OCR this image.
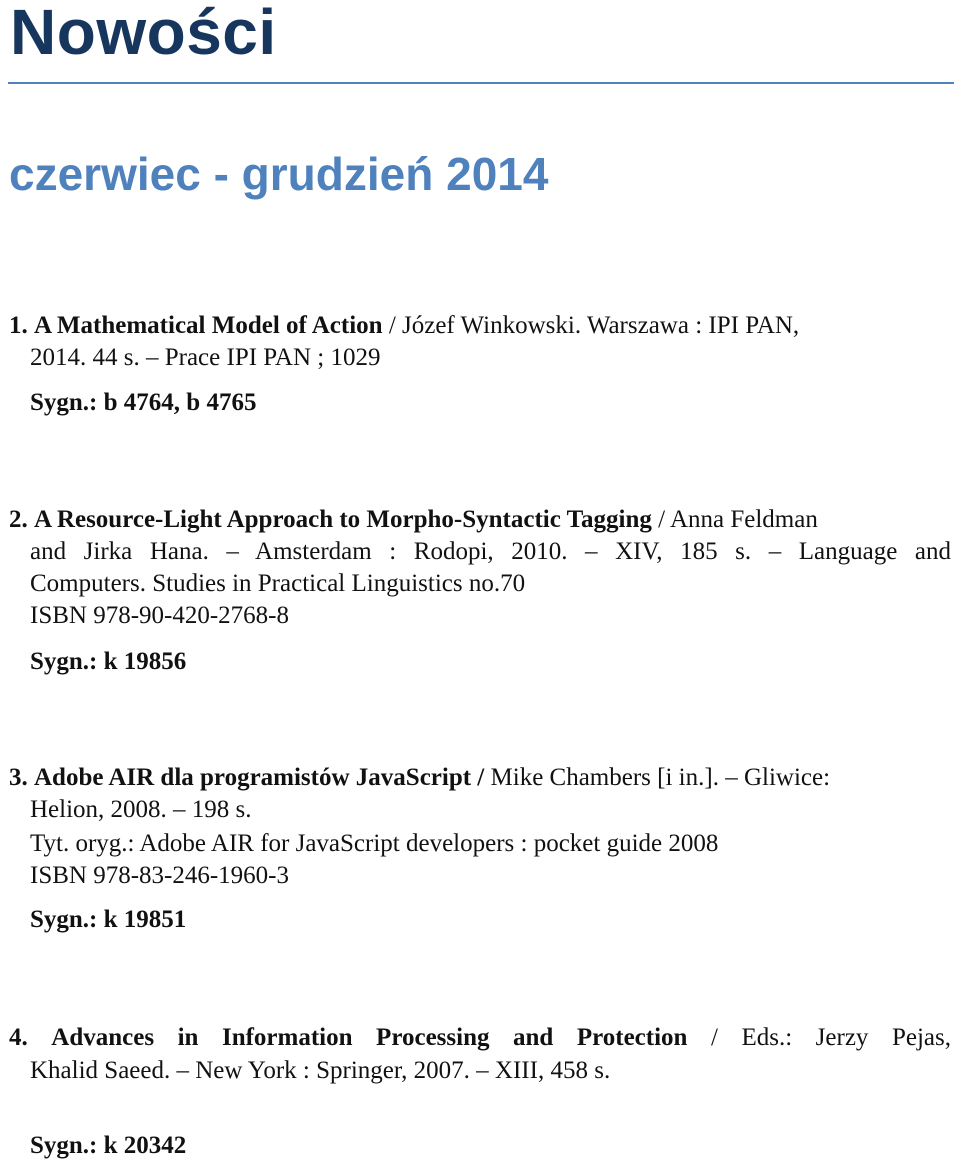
Nowości
czerwiec - grudzień 2014

1. A Mathematical Model of Action / Józef Winkowski. Warszawa : IPI PAN,

2014. 44 s. – Prace IPI PAN ; 1029

Sygn.: b 4764, b 4765

2. A Resource-Light Approach to Morpho-Syntactic Tagging / Anna Feldman

and Jirka Hana. – Amsterdam : Rodopi, 2010. – XIV, 185 s. – Language and

Computers. Studies in Practical Linguistics no.70

ISBN 978-90-420-2768-8

Sygn.: k 19856

3. Adobe AIR dla programistów JavaScript / Mike Chambers [i in.]. – Gliwice:

Helion, 2008. – 198 s.

Tyt. oryg.: Adobe AIR for JavaScript developers : pocket guide 2008

ISBN 978-83-246-1960-3

Sygn.: k 19851

4. Advances in Information Processing and Protection / Eds.: Jerzy Pejas,

Khalid Saeed. – New York : Springer, 2007. – XIII, 458 s.

Sygn.: k 20342
